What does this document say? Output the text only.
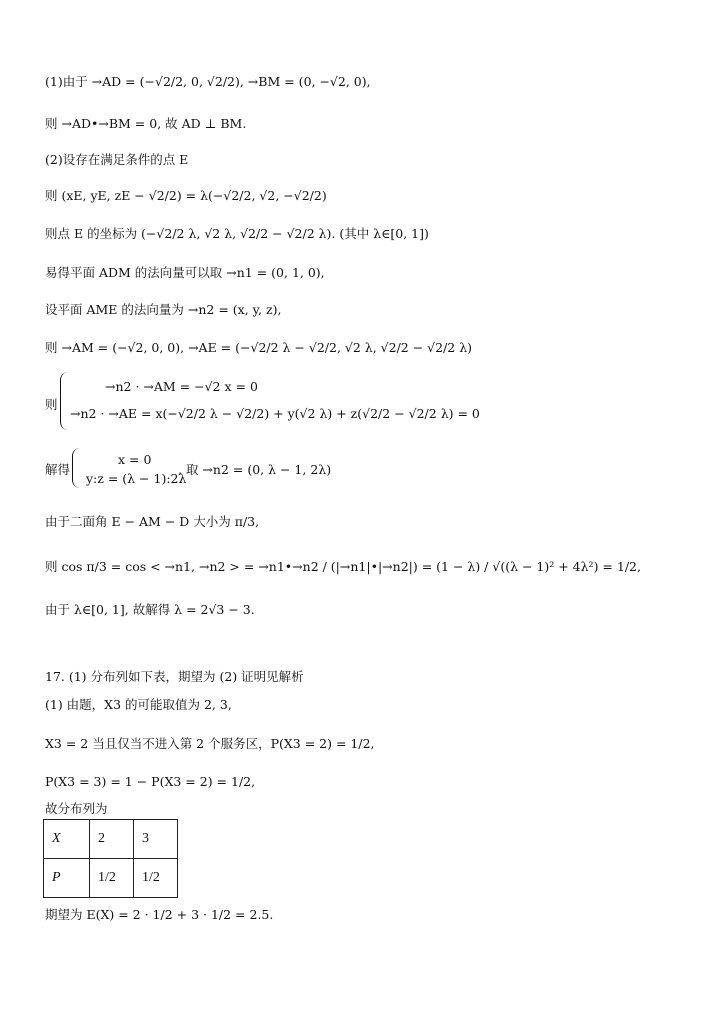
(1)由于 →AD = (−√2/2, 0, √2/2), →BM = (0, −√2, 0),
则 →AD•→BM = 0, 故 AD ⊥ BM.
(2)设存在满足条件的点 E
则 (xE, yE, zE − √2/2) = λ(−√2/2, √2, −√2/2)
则点 E 的坐标为 (−√2/2 λ, √2 λ, √2/2 − √2/2 λ). (其中 λ∈[0, 1])
易得平面 ADM 的法向量可以取 →n1 = (0, 1, 0),
设平面 AME 的法向量为 →n2 = (x, y, z),
则 →AM = (−√2, 0, 0), →AE = (−√2/2 λ − √2/2, √2 λ, √2/2 − √2/2 λ)
则
→n2 · →AM = −√2 x = 0
→n2 · →AE = x(−√2/2 λ − √2/2) + y(√2 λ) + z(√2/2 − √2/2 λ) = 0
解得
x = 0
y:z = (λ − 1):2λ
, 取 →n2 = (0, λ − 1, 2λ)
由于二面角 E − AM − D 大小为 π/3,
则 cos π/3 = cos < →n1, →n2 > = →n1•→n2 / (|→n1|•|→n2|) = (1 − λ) / √((λ − 1)² + 4λ²) = 1/2,
由于 λ∈[0, 1], 故解得 λ = 2√3 − 3.
17. (1) 分布列如下表，期望为 (2) 证明见解析
(1) 由题，X3 的可能取值为 2, 3,
X3 = 2 当且仅当不进入第 2 个服务区，P(X3 = 2) = 1/2,
P(X3 = 3) = 1 − P(X3 = 2) = 1/2,
故分布列为
X	2	3
P	1/2	1/2
期望为 E(X) = 2 · 1/2 + 3 · 1/2 = 2.5.
